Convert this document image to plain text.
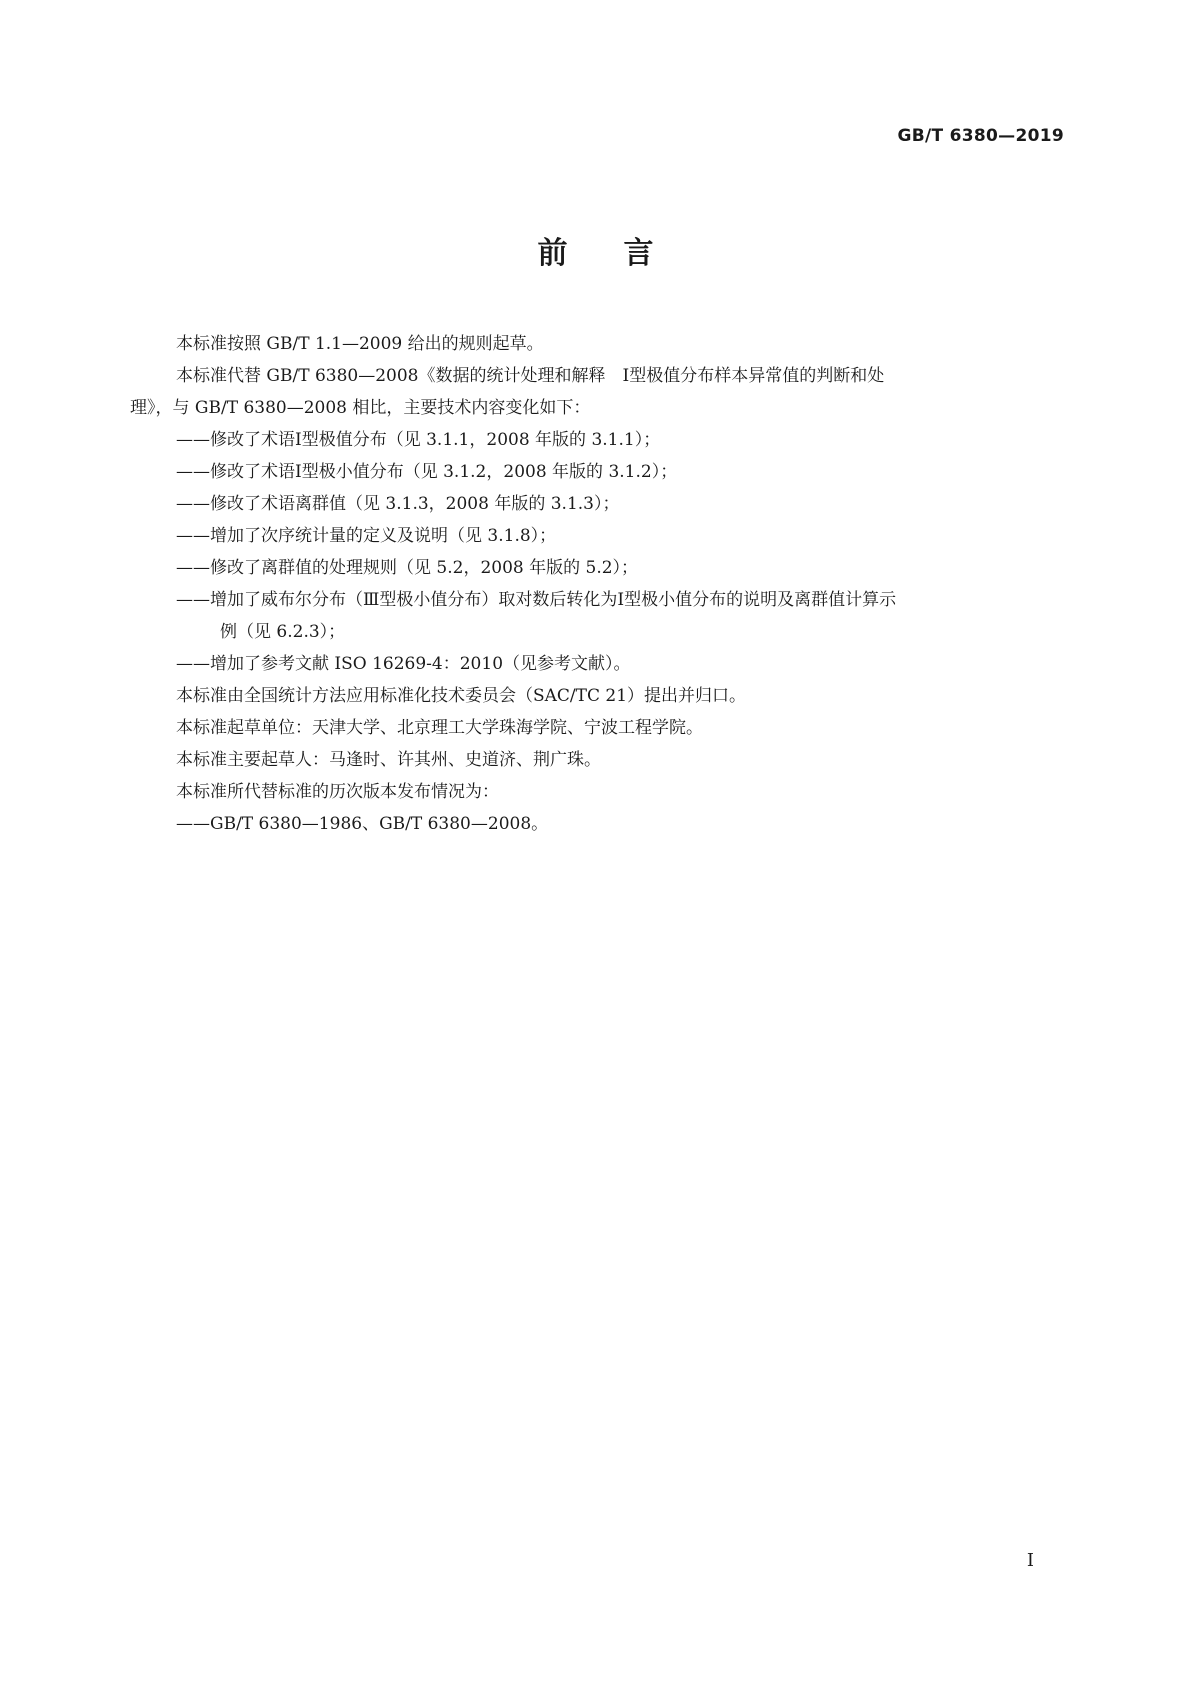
GB/T 6380—2019
前言
本标准按照 GB/T 1.1—2009 给出的规则起草。
本标准代替 GB/T 6380—2008《数据的统计处理和解释　Ⅰ型极值分布样本异常值的判断和处
理》，与 GB/T 6380—2008 相比，主要技术内容变化如下：
——修改了术语Ⅰ型极值分布（见 3.1.1，2008 年版的 3.1.1）；
——修改了术语Ⅰ型极小值分布（见 3.1.2，2008 年版的 3.1.2）；
——修改了术语离群值（见 3.1.3，2008 年版的 3.1.3）；
——增加了次序统计量的定义及说明（见 3.1.8）；
——修改了离群值的处理规则（见 5.2，2008 年版的 5.2）；
——增加了威布尔分布（Ⅲ型极小值分布）取对数后转化为Ⅰ型极小值分布的说明及离群值计算示
例（见 6.2.3）；
——增加了参考文献 ISO 16269-4：2010（见参考文献）。
本标准由全国统计方法应用标准化技术委员会（SAC/TC 21）提出并归口。
本标准起草单位：天津大学、北京理工大学珠海学院、宁波工程学院。
本标准主要起草人：马逢时、许其州、史道济、荆广珠。
本标准所代替标准的历次版本发布情况为：
——GB/T 6380—1986、GB/T 6380—2008。
Ⅰ
